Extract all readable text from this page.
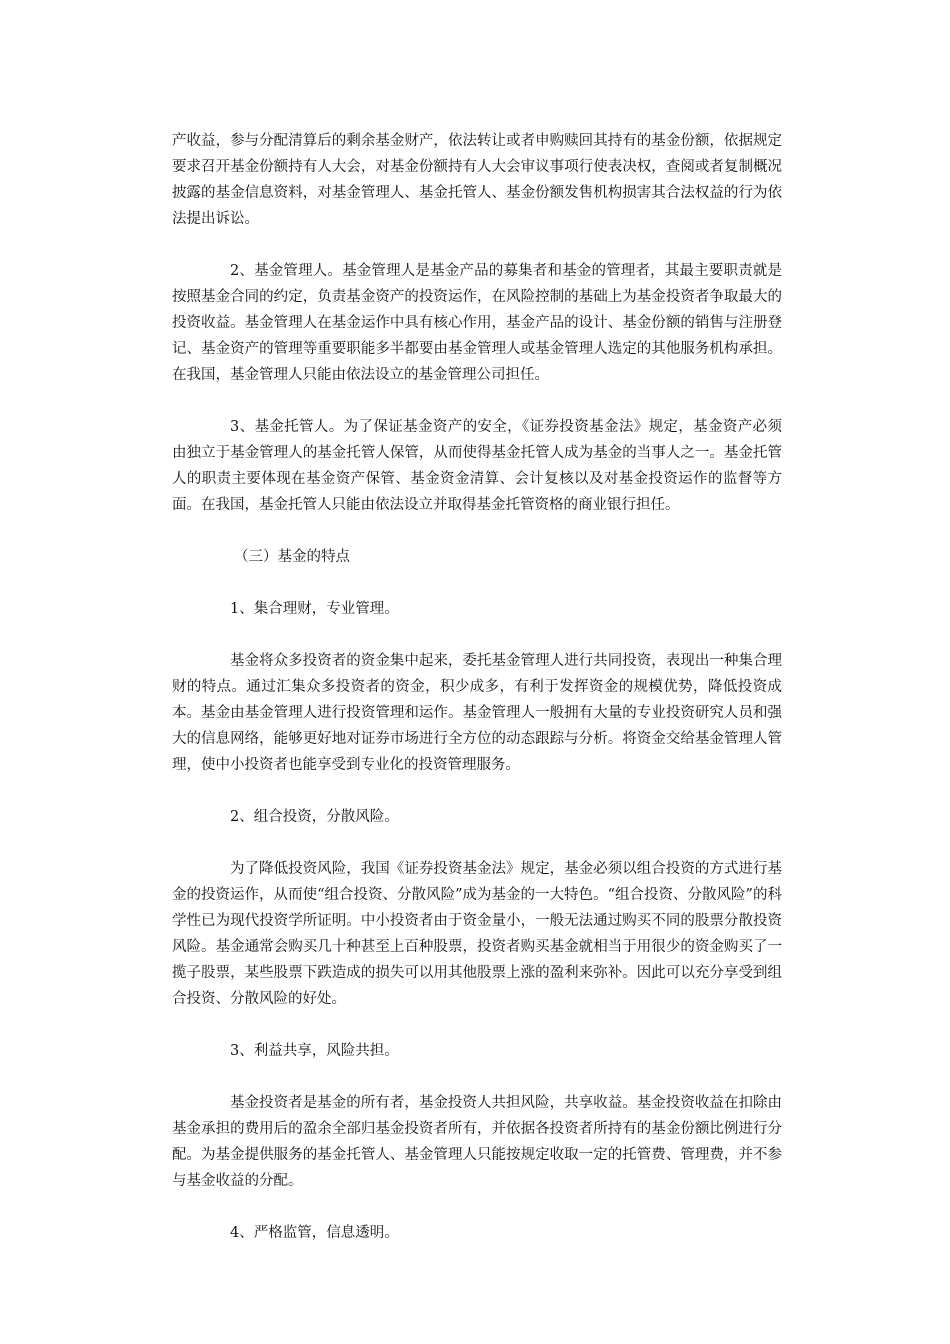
产收益，参与分配清算后的剩余基金财产，依法转让或者申购赎回其持有的基金份额，依据规定要求召开基金份额持有人大会，对基金份额持有人大会审议事项行使表决权，查阅或者复制概况披露的基金信息资料，对基金管理人、基金托管人、基金份额发售机构损害其合法权益的行为依法提出诉讼。

2、基金管理人。基金管理人是基金产品的募集者和基金的管理者，其最主要职责就是按照基金合同的约定，负责基金资产的投资运作，在风险控制的基础上为基金投资者争取最大的投资收益。基金管理人在基金运作中具有核心作用，基金产品的设计、基金份额的销售与注册登记、基金资产的管理等重要职能多半都要由基金管理人或基金管理人选定的其他服务机构承担。在我国，基金管理人只能由依法设立的基金管理公司担任。

3、基金托管人。为了保证基金资产的安全，《证券投资基金法》规定，基金资产必须由独立于基金管理人的基金托管人保管，从而使得基金托管人成为基金的当事人之一。基金托管人的职责主要体现在基金资产保管、基金资金清算、会计复核以及对基金投资运作的监督等方面。在我国，基金托管人只能由依法设立并取得基金托管资格的商业银行担任。

（三）基金的特点

1、集合理财，专业管理。

基金将众多投资者的资金集中起来，委托基金管理人进行共同投资，表现出一种集合理财的特点。通过汇集众多投资者的资金，积少成多，有利于发挥资金的规模优势，降低投资成本。基金由基金管理人进行投资管理和运作。基金管理人一般拥有大量的专业投资研究人员和强大的信息网络，能够更好地对证券市场进行全方位的动态跟踪与分析。将资金交给基金管理人管理，使中小投资者也能享受到专业化的投资管理服务。

2、组合投资，分散风险。

为了降低投资风险，我国《证券投资基金法》规定，基金必须以组合投资的方式进行基金的投资运作，从而使“组合投资、分散风险”成为基金的一大特色。“组合投资、分散风险”的科学性已为现代投资学所证明。中小投资者由于资金量小，一般无法通过购买不同的股票分散投资风险。基金通常会购买几十种甚至上百种股票，投资者购买基金就相当于用很少的资金购买了一揽子股票，某些股票下跌造成的损失可以用其他股票上涨的盈利来弥补。因此可以充分享受到组合投资、分散风险的好处。

3、利益共享，风险共担。

基金投资者是基金的所有者，基金投资人共担风险，共享收益。基金投资收益在扣除由基金承担的费用后的盈余全部归基金投资者所有，并依据各投资者所持有的基金份额比例进行分配。为基金提供服务的基金托管人、基金管理人只能按规定收取一定的托管费、管理费，并不参与基金收益的分配。

4、严格监管，信息透明。
